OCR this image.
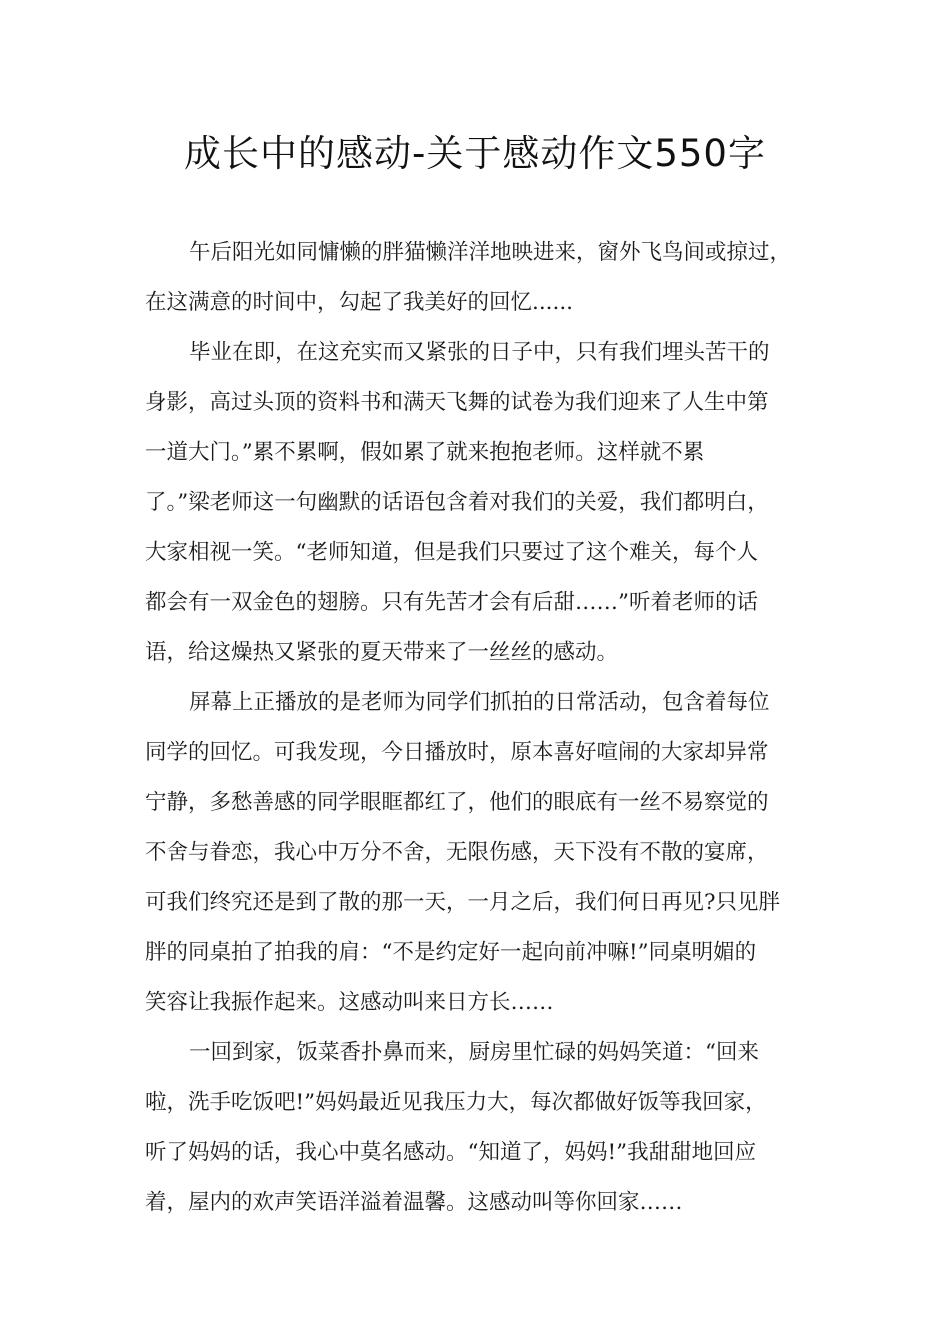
成长中的感动-关于感动作文550字
午后阳光如同慵懒的胖猫懒洋洋地映进来，窗外飞鸟间或掠过，
在这满意的时间中，勾起了我美好的回忆......
毕业在即，在这充实而又紧张的日子中，只有我们埋头苦干的
身影，高过头顶的资料书和满天飞舞的试卷为我们迎来了人生中第
一道大门。”累不累啊，假如累了就来抱抱老师。这样就不累
了。”梁老师这一句幽默的话语包含着对我们的关爱，我们都明白，
大家相视一笑。“老师知道，但是我们只要过了这个难关，每个人
都会有一双金色的翅膀。只有先苦才会有后甜……”听着老师的话
语，给这燥热又紧张的夏天带来了一丝丝的感动。
屏幕上正播放的是老师为同学们抓拍的日常活动，包含着每位
同学的回忆。可我发现，今日播放时，原本喜好喧闹的大家却异常
宁静，多愁善感的同学眼眶都红了，他们的眼底有一丝不易察觉的
不舍与眷恋，我心中万分不舍，无限伤感，天下没有不散的宴席，
可我们终究还是到了散的那一天，一月之后，我们何日再见?只见胖
胖的同桌拍了拍我的肩：“不是约定好一起向前冲嘛!”同桌明媚的
笑容让我振作起来。这感动叫来日方长……
一回到家，饭菜香扑鼻而来，厨房里忙碌的妈妈笑道：“回来
啦，洗手吃饭吧!”妈妈最近见我压力大，每次都做好饭等我回家，
听了妈妈的话，我心中莫名感动。“知道了，妈妈!”我甜甜地回应
着，屋内的欢声笑语洋溢着温馨。这感动叫等你回家……
